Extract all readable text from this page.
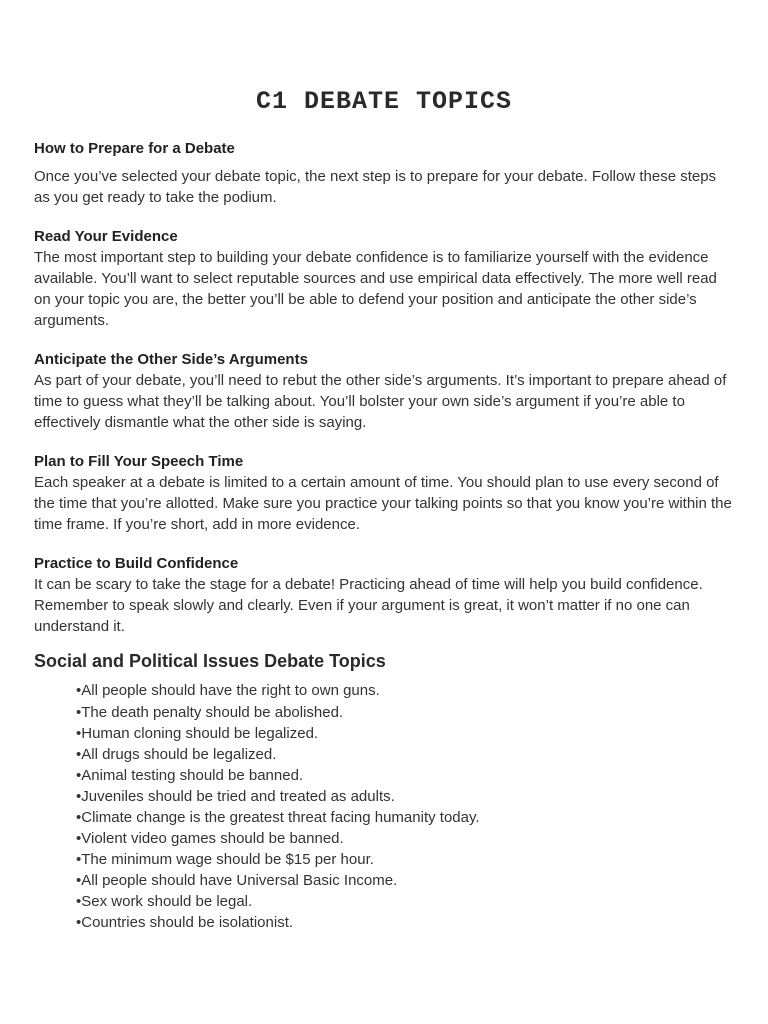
C1 DEBATE TOPICS

How to Prepare for a Debate

Once you’ve selected your debate topic, the next step is to prepare for your debate. Follow these steps as you get ready to take the podium.

Read Your Evidence

The most important step to building your debate confidence is to familiarize yourself with the evidence available. You’ll want to select reputable sources and use empirical data effectively. The more well read on your topic you are, the better you’ll be able to defend your position and anticipate the other side’s arguments.

Anticipate the Other Side’s Arguments

As part of your debate, you’ll need to rebut the other side’s arguments. It’s important to prepare ahead of time to guess what they’ll be talking about. You’ll bolster your own side’s argument if you’re able to effectively dismantle what the other side is saying.

Plan to Fill Your Speech Time

Each speaker at a debate is limited to a certain amount of time. You should plan to use every second of the time that you’re allotted. Make sure you practice your talking points so that you know you’re within the time frame. If you’re short, add in more evidence.

Practice to Build Confidence

It can be scary to take the stage for a debate! Practicing ahead of time will help you build confidence. Remember to speak slowly and clearly. Even if your argument is great, it won’t matter if no one can understand it.

Social and Political Issues Debate Topics
•All people should have the right to own guns.
•The death penalty should be abolished.
•Human cloning should be legalized.
•All drugs should be legalized.
•Animal testing should be banned.
•Juveniles should be tried and treated as adults.
•Climate change is the greatest threat facing humanity today.
•Violent video games should be banned.
•The minimum wage should be $15 per hour.
•All people should have Universal Basic Income.
•Sex work should be legal.
•Countries should be isolationist.
